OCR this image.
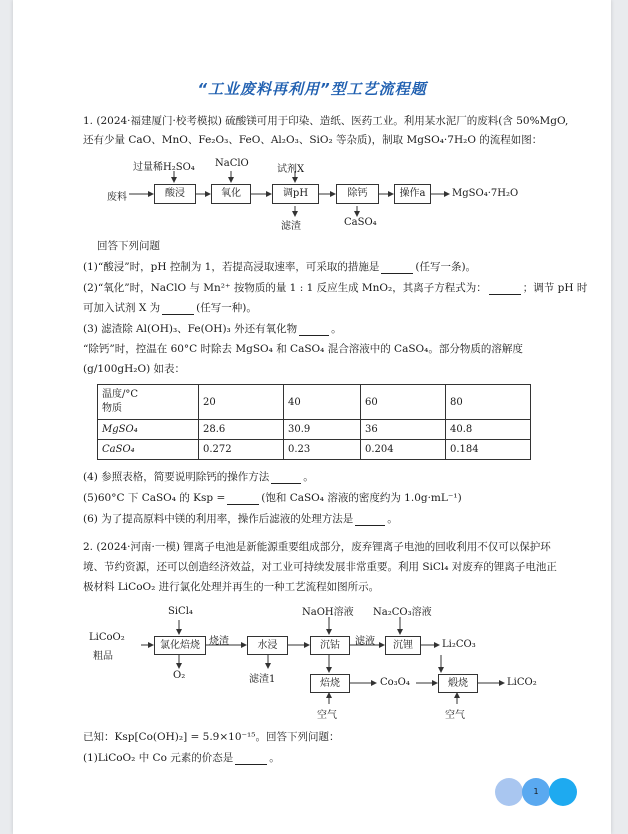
“工业废料再利用”型工艺流程题
1. (2024·福建厦门·校考模拟) 硫酸镁可用于印染、造纸、医药工业。利用某水泥厂的废料(含 50%MgO,
还有少量 CaO、MnO、Fe₂O₃、FeO、Al₂O₃、SiO₂ 等杂质)，制取 MgSO₄·7H₂O 的流程如图：
过量稀H₂SO₄ NaClO
试剂X
废料	酸浸	氧化	调pH	除钙	操作a	MgSO₄·7H₂O
滤渣	CaSO₄
回答下列问题
(1)“酸浸”时，pH 控制为 1，若提高浸取速率，可采取的措施是	(任写一条)。
(2)“氧化”时，NaClO 与 Mn²⁺ 按物质的量 1 : 1 反应生成 MnO₂，其离子方程式为：	；调节 pH 时
可加入试剂 X 为	(任写一种)。
(3) 滤渣除 Al(OH)₃、Fe(OH)₃ 外还有氧化物	。
“除钙”时，控温在 60°C 时除去 MgSO₄ 和 CaSO₄ 混合溶液中的 CaSO₄。部分物质的溶解度
(g/100gH₂O) 如表：
温度/°C
物质	20	40	60	80
MgSO₄	28.6	30.9	36	40.8
CaSO₄	0.272	0.23	0.204	0.184
(4) 参照表格，简要说明除钙的操作方法	。
(5)60°C 下 CaSO₄ 的 Ksp =	(饱和 CaSO₄ 溶液的密度约为 1.0g·mL⁻¹)
(6) 为了提高原料中镁的利用率，操作后滤液的处理方法是	。
2. (2024·河南·一模) 锂离子电池是新能源重要组成部分，废弃锂离子电池的回收利用不仅可以保护环
境、节约资源，还可以创造经济效益，对工业可持续发展非常重要。利用 SiCl₄ 对废弃的锂离子电池正
极材料 LiCoO₂ 进行氯化处理并再生的一种工艺流程如图所示。
LiCoO₂
粗品
SiCl₄
氯化焙烧
O₂
烧渣	水浸
滤渣1
NaOH溶液
沉钴	滤液
Na₂CO₃溶液
沉锂	Li₂CO₃
焙烧
空气
Co₃O₄	煅烧
空气
LiCO₂
已知：Ksp[Co(OH)₂] = 5.9×10⁻¹⁵。回答下列问题：
(1)LiCoO₂ 中 Co 元素的价态是	。
1
